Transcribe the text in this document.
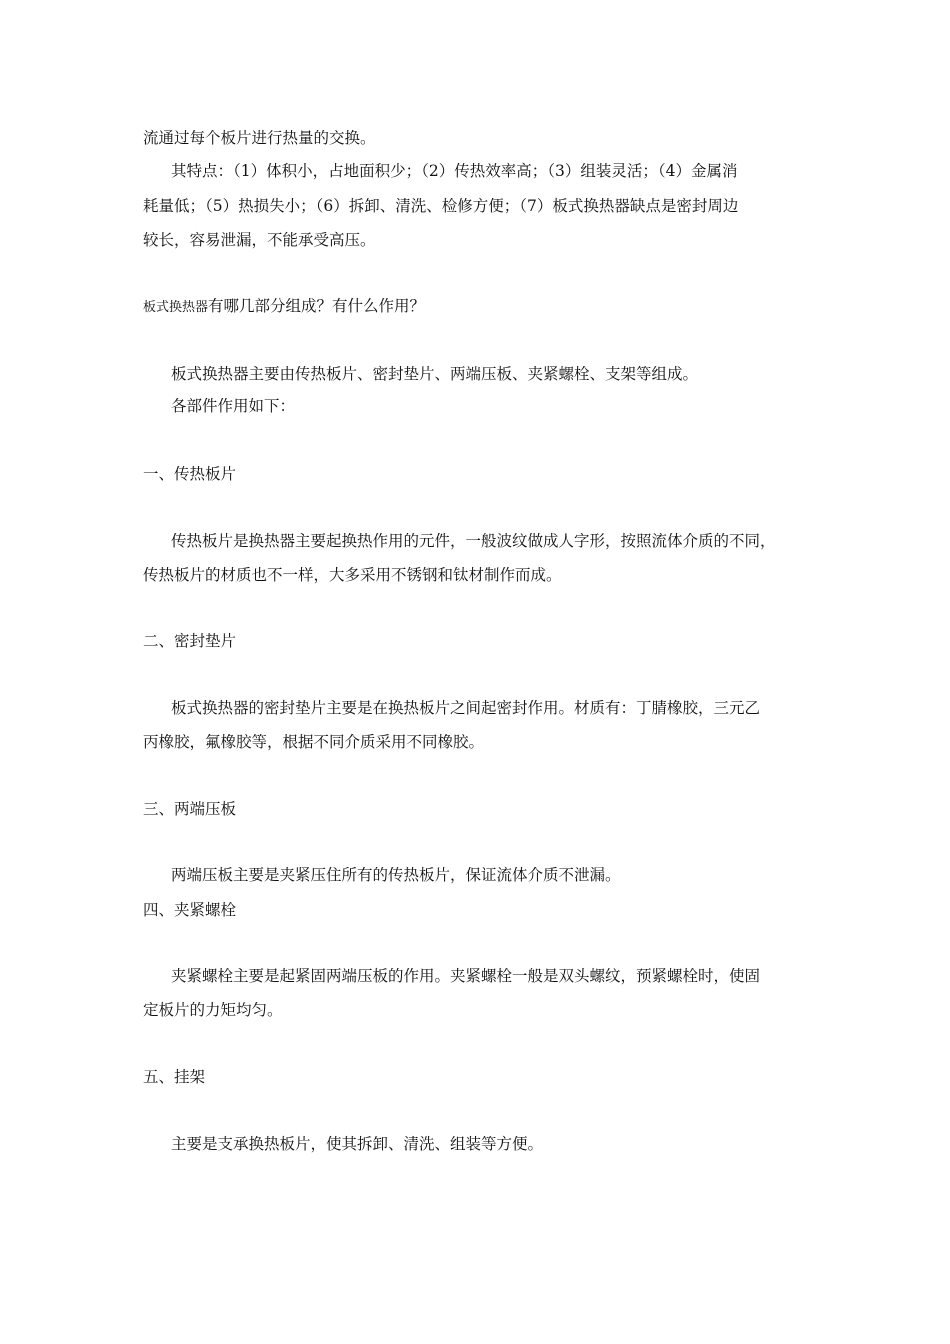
流通过每个板片进行热量的交换。
其特点：（1）体积小，占地面积少；（2）传热效率高；（3）组装灵活；（4）金属消
耗量低；（5）热损失小；（6）拆卸、清洗、检修方便；（7）板式换热器缺点是密封周边
较长，容易泄漏，不能承受高压。
板式换热器有哪几部分组成？有什么作用？
板式换热器主要由传热板片、密封垫片、两端压板、夹紧螺栓、支架等组成。
各部件作用如下：
一、传热板片
传热板片是换热器主要起换热作用的元件，一般波纹做成人字形，按照流体介质的不同，
传热板片的材质也不一样，大多采用不锈钢和钛材制作而成。
二、密封垫片
板式换热器的密封垫片主要是在换热板片之间起密封作用。材质有：丁腈橡胶，三元乙
丙橡胶，氟橡胶等，根据不同介质采用不同橡胶。
三、两端压板
两端压板主要是夹紧压住所有的传热板片，保证流体介质不泄漏。
四、夹紧螺栓
夹紧螺栓主要是起紧固两端压板的作用。夹紧螺栓一般是双头螺纹，预紧螺栓时，使固
定板片的力矩均匀。
五、挂架
主要是支承换热板片，使其拆卸、清洗、组装等方便。
